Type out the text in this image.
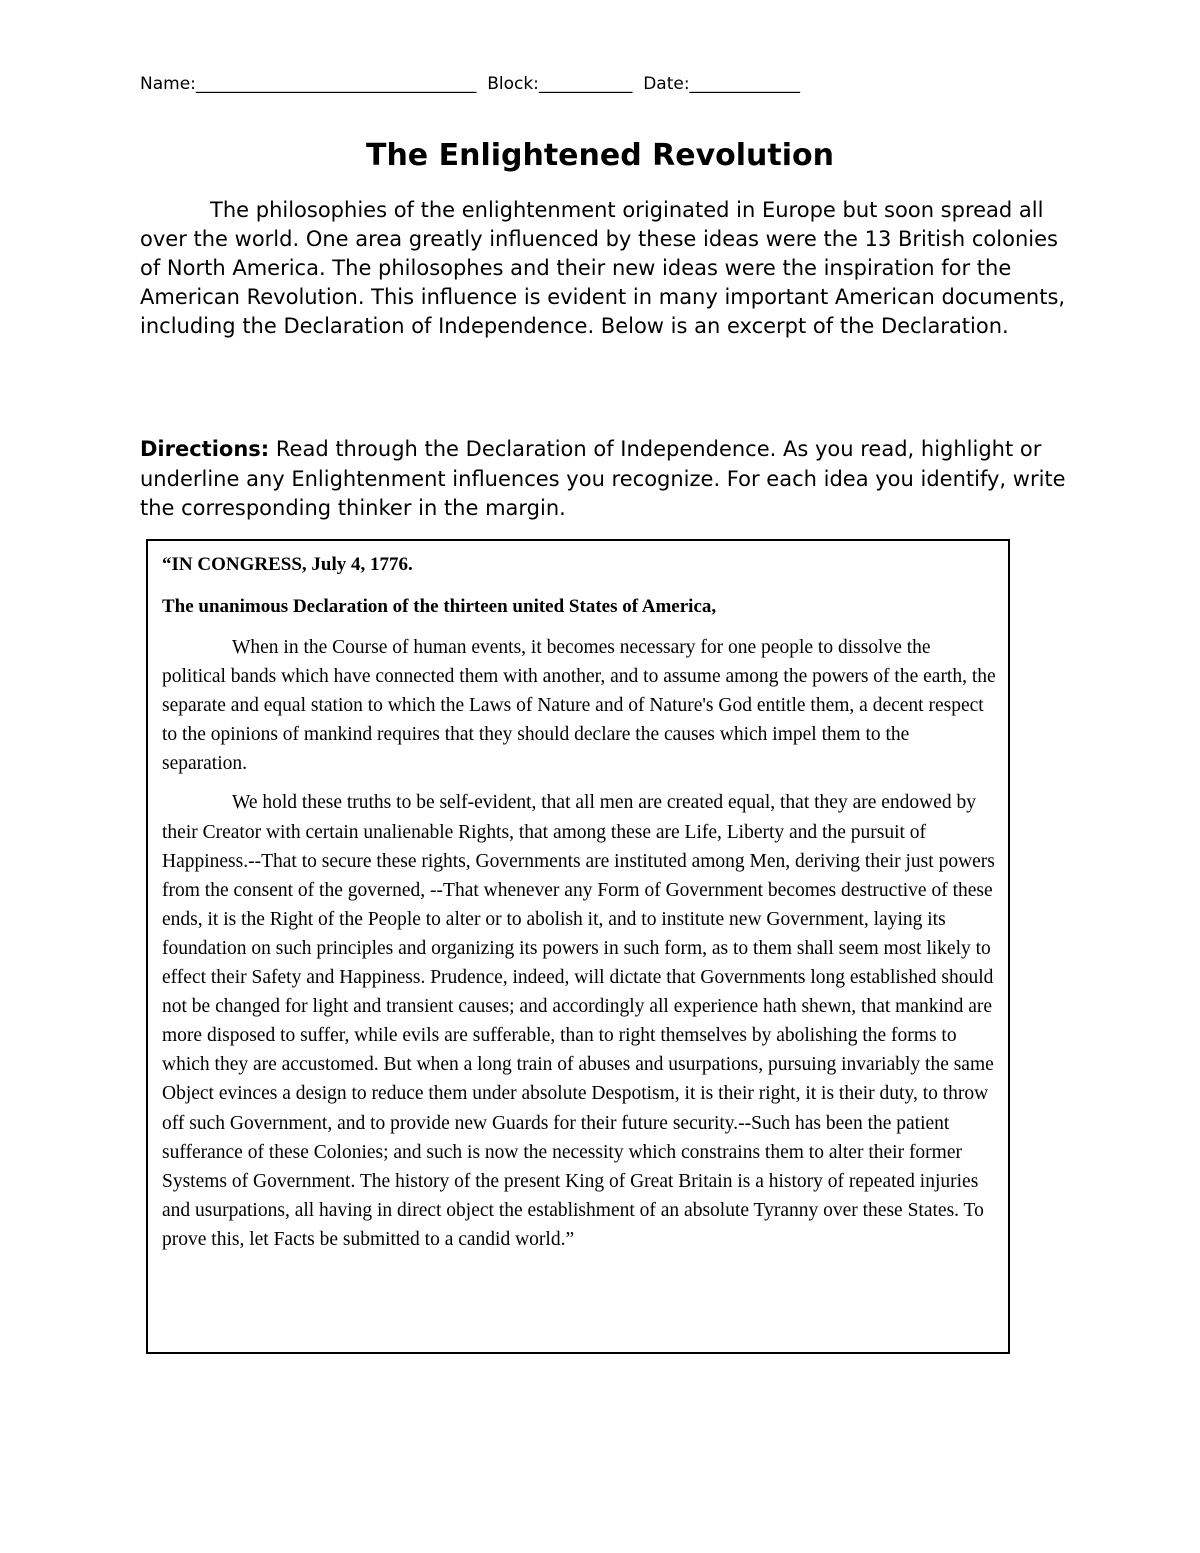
Name:_________________________________  Block:___________  Date:_____________
The Enlightened Revolution

The philosophies of the enlightenment originated in Europe but soon spread all over the world. One area greatly influenced by these ideas were the 13 British colonies of North America. The philosophes and their new ideas were the inspiration for the American Revolution. This influence is evident in many important American documents, including the Declaration of Independence. Below is an excerpt of the Declaration.

Directions: Read through the Declaration of Independence. As you read, highlight or underline any Enlightenment influences you recognize. For each idea you identify, write the corresponding thinker in the margin.

“IN CONGRESS, July 4, 1776.
The unanimous Declaration of the thirteen united States of America,

When in the Course of human events, it becomes necessary for one people to dissolve the political bands which have connected them with another, and to assume among the powers of the earth, the separate and equal station to which the Laws of Nature and of Nature's God entitle them, a decent respect to the opinions of mankind requires that they should declare the causes which impel them to the separation.

We hold these truths to be self-evident, that all men are created equal, that they are endowed by their Creator with certain unalienable Rights, that among these are Life, Liberty and the pursuit of Happiness.--That to secure these rights, Governments are instituted among Men, deriving their just powers from the consent of the governed, --That whenever any Form of Government becomes destructive of these ends, it is the Right of the People to alter or to abolish it, and to institute new Government, laying its foundation on such principles and organizing its powers in such form, as to them shall seem most likely to effect their Safety and Happiness. Prudence, indeed, will dictate that Governments long established should not be changed for light and transient causes; and accordingly all experience hath shewn, that mankind are more disposed to suffer, while evils are sufferable, than to right themselves by abolishing the forms to which they are accustomed. But when a long train of abuses and usurpations, pursuing invariably the same Object evinces a design to reduce them under absolute Despotism, it is their right, it is their duty, to throw off such Government, and to provide new Guards for their future security.--Such has been the patient sufferance of these Colonies; and such is now the necessity which constrains them to alter their former Systems of Government. The history of the present King of Great Britain is a history of repeated injuries and usurpations, all having in direct object the establishment of an absolute Tyranny over these States. To prove this, let Facts be submitted to a candid world.”
